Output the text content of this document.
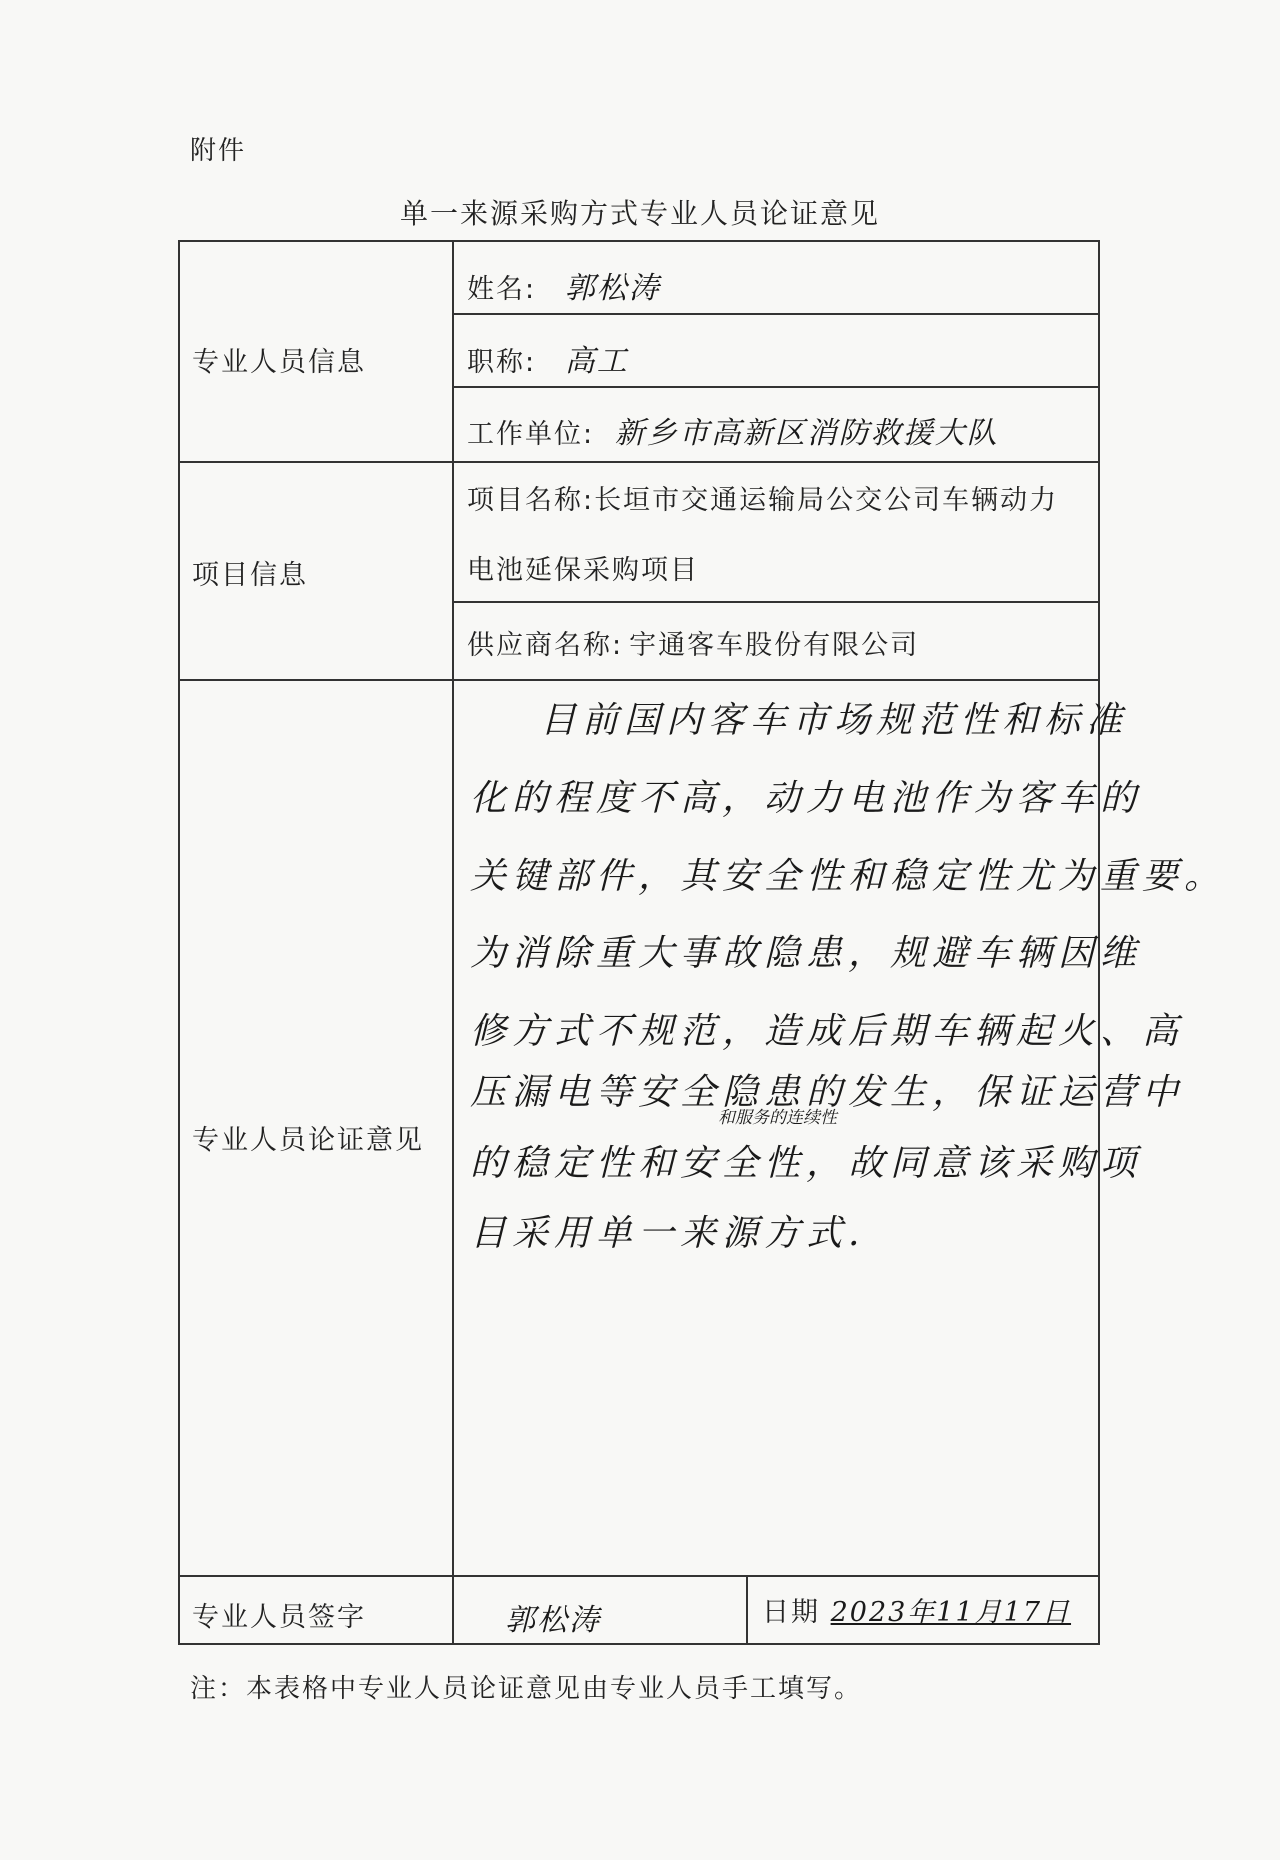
附件
单一来源采购方式专业人员论证意见
专业人员信息
姓名: 郭松涛
职称: 高工
工作单位: 新乡市高新区消防救援大队
项目信息
项目名称:长垣市交通运输局公交公司车辆动力
电池延保采购项目
供应商名称: 宇通客车股份有限公司
专业人员论证意见
目前国内客车市场规范性和标准
化的程度不高，动力电池作为客车的
关键部件，其安全性和稳定性尤为重要。
为消除重大事故隐患，规避车辆因维
修方式不规范，造成后期车辆起火、高
压漏电等安全隐患的发生，保证运营中
和服务的连续性
的稳定性和安全性，故同意该采购项
目采用单一来源方式.
专业人员签字	郭松涛	日期 2023年11月17日
注：本表格中专业人员论证意见由专业人员手工填写。
